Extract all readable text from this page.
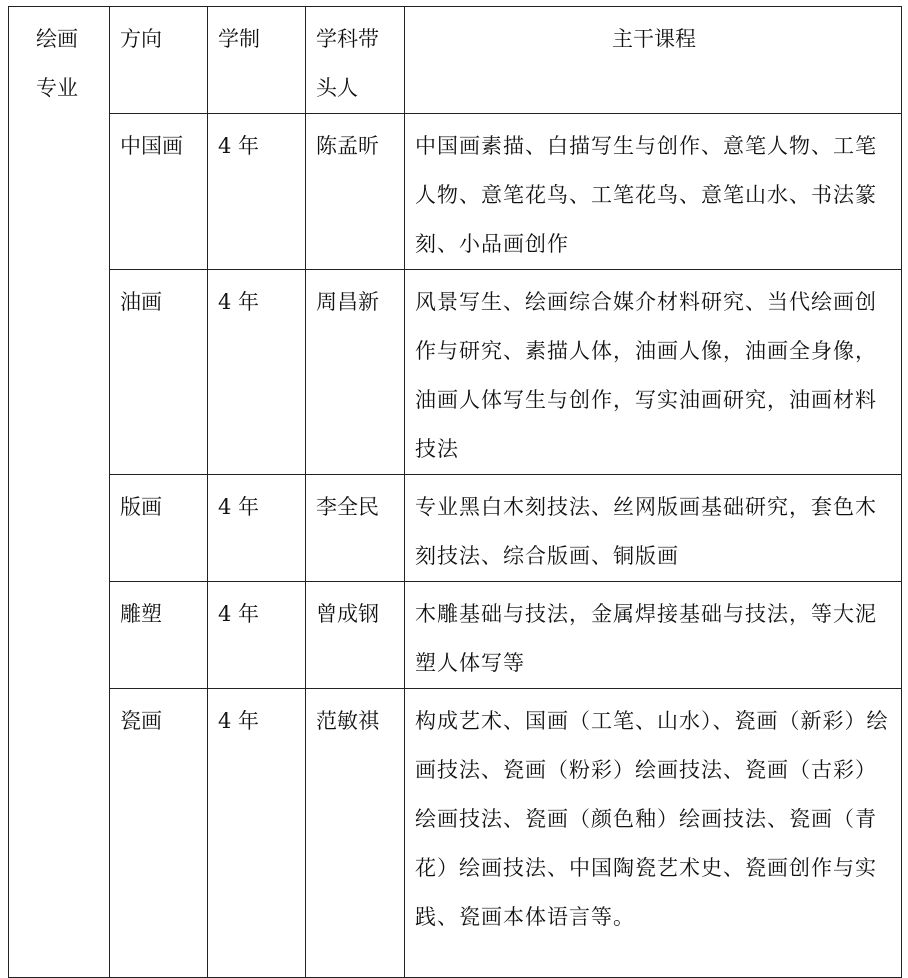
绘画专业	方向	学制	学科带头人	主干课程
	中国画	4 年	陈孟昕	中国画素描、白描写生与创作、意笔人物、工笔人物、意笔花鸟、工笔花鸟、意笔山水、书法篆刻、小品画创作
	油画	4 年	周昌新	风景写生、绘画综合媒介材料研究、当代绘画创作与研究、素描人体，油画人像，油画全身像，油画人体写生与创作，写实油画研究，油画材料技法
	版画	4 年	李全民	专业黑白木刻技法、丝网版画基础研究，套色木刻技法、综合版画、铜版画
	雕塑	4 年	曾成钢	木雕基础与技法，金属焊接基础与技法，等大泥塑人体写等
	瓷画	4 年	范敏祺	构成艺术、国画（工笔、山水）、瓷画（新彩）绘画技法、瓷画（粉彩）绘画技法、瓷画（古彩）绘画技法、瓷画（颜色釉）绘画技法、瓷画（青花）绘画技法、中国陶瓷艺术史、瓷画创作与实践、瓷画本体语言等。
